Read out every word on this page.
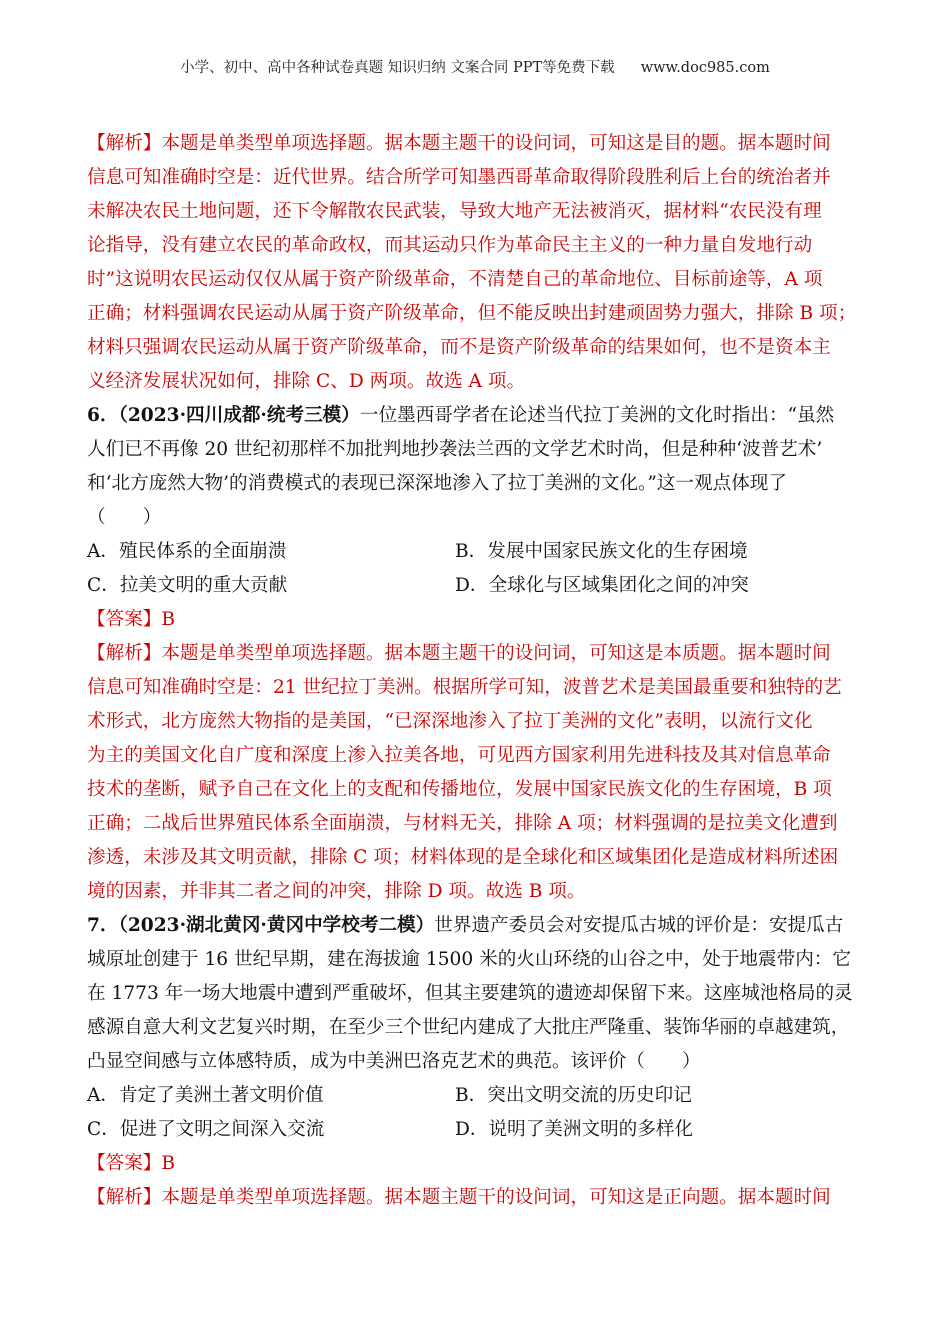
小学、初中、高中各种试卷真题 知识归纳 文案合同 PPT等免费下载 www.doc985.com
【解析】本题是单类型单项选择题。据本题主题干的设问词，可知这是目的题。据本题时间
信息可知准确时空是：近代世界。结合所学可知墨西哥革命取得阶段胜利后上台的统治者并
未解决农民土地问题，还下令解散农民武装，导致大地产无法被消灭，据材料“农民没有理
论指导，没有建立农民的革命政权，而其运动只作为革命民主主义的一种力量自发地行动
时”这说明农民运动仅仅从属于资产阶级革命，不清楚自己的革命地位、目标前途等，A 项
正确；材料强调农民运动从属于资产阶级革命，但不能反映出封建顽固势力强大，排除 B 项；
材料只强调农民运动从属于资产阶级革命，而不是资产阶级革命的结果如何，也不是资本主
义经济发展状况如何，排除 C、D 两项。故选 A 项。
6．（2023·四川成都·统考三模）一位墨西哥学者在论述当代拉丁美洲的文化时指出：“虽然
人们已不再像 20 世纪初那样不加批判地抄袭法兰西的文学艺术时尚，但是种种‘波普艺术’
和‘北方庞然大物’的消费模式的表现已深深地渗入了拉丁美洲的文化。”这一观点体现了
（　　）
A．殖民体系的全面崩溃	B．发展中国家民族文化的生存困境
C．拉美文明的重大贡献	D．全球化与区域集团化之间的冲突
【答案】B
【解析】本题是单类型单项选择题。据本题主题干的设问词，可知这是本质题。据本题时间
信息可知准确时空是：21 世纪拉丁美洲。根据所学可知，波普艺术是美国最重要和独特的艺
术形式，北方庞然大物指的是美国，“已深深地渗入了拉丁美洲的文化”表明，以流行文化
为主的美国文化自广度和深度上渗入拉美各地，可见西方国家利用先进科技及其对信息革命
技术的垄断，赋予自己在文化上的支配和传播地位，发展中国家民族文化的生存困境，B 项
正确；二战后世界殖民体系全面崩溃，与材料无关，排除 A 项；材料强调的是拉美文化遭到
渗透，未涉及其文明贡献，排除 C 项；材料体现的是全球化和区域集团化是造成材料所述困
境的因素，并非其二者之间的冲突，排除 D 项。故选 B 项。
7．（2023·湖北黄冈·黄冈中学校考二模）世界遗产委员会对安提瓜古城的评价是：安提瓜古
城原址创建于 16 世纪早期，建在海拔逾 1500 米的火山环绕的山谷之中，处于地震带内：它
在 1773 年一场大地震中遭到严重破坏，但其主要建筑的遗迹却保留下来。这座城池格局的灵
感源自意大利文艺复兴时期，在至少三个世纪内建成了大批庄严隆重、装饰华丽的卓越建筑，
凸显空间感与立体感特质，成为中美洲巴洛克艺术的典范。该评价（　　）
A．肯定了美洲土著文明价值	B．突出文明交流的历史印记
C．促进了文明之间深入交流	D．说明了美洲文明的多样化
【答案】B
【解析】本题是单类型单项选择题。据本题主题干的设问词，可知这是正向题。据本题时间
